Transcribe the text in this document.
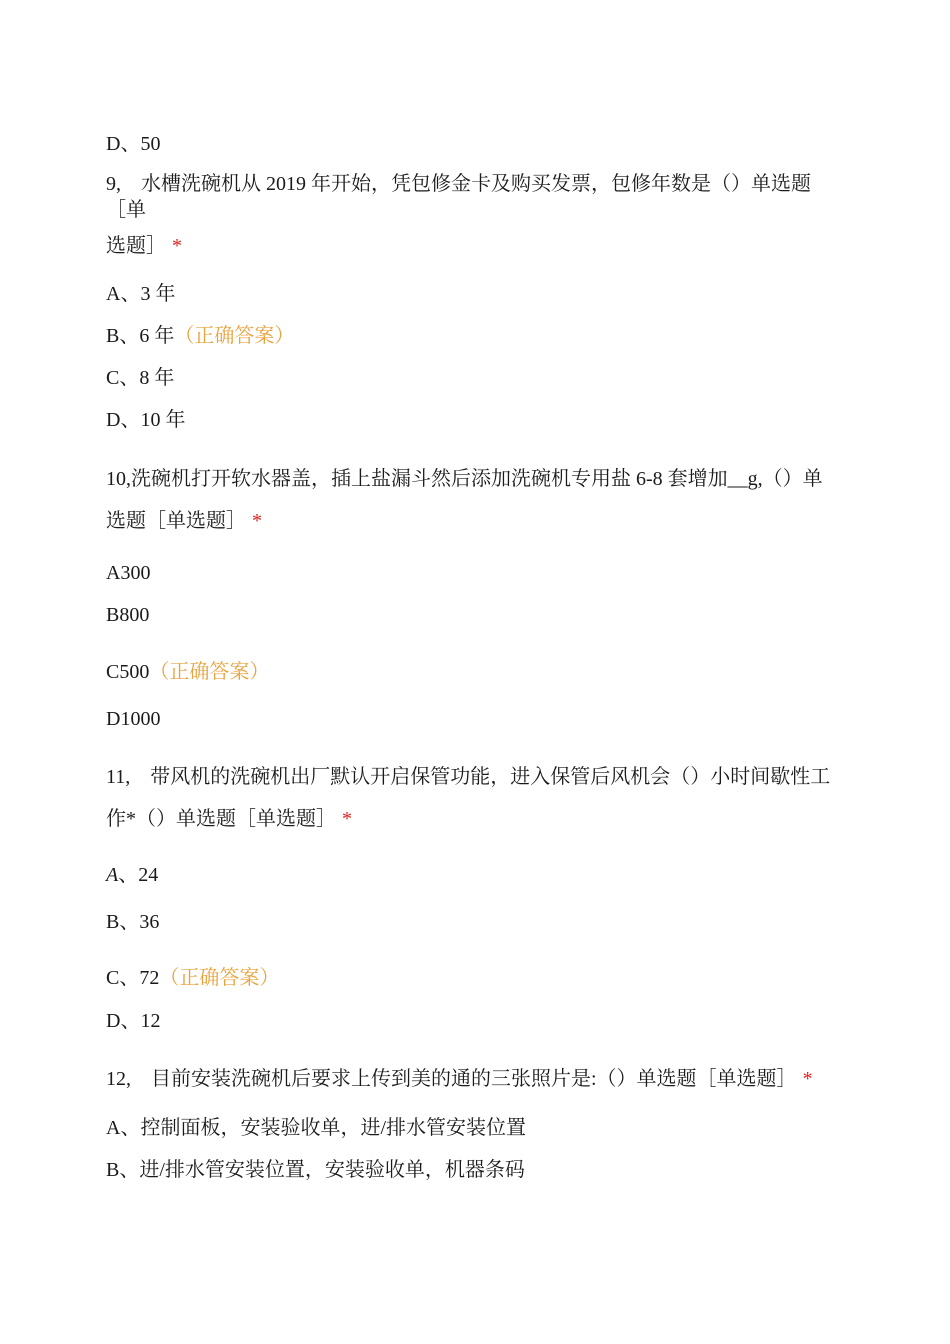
D、50
9,　水槽洗碗机从 2019 年开始，凭包修金卡及购买发票，包修年数是（）单选题［单
选题］ *
A、3 年
B、6 年（正确答案）
C、8 年
D、10 年
10,洗碗机打开软水器盖，插上盐漏斗然后添加洗碗机专用盐 6-8 套增加__g,（）单
选题［单选题］ *
A300
B800
C500（正确答案）
D1000
11,　带风机的洗碗机出厂默认开启保管功能，进入保管后风机会（）小时间歇性工
作*（）单选题［单选题］ *
A、24
B、36
C、72（正确答案）
D、12
12,　目前安装洗碗机后要求上传到美的通的三张照片是:（）单选题［单选题］ *
A、控制面板，安装验收单，进/排水管安装位置
B、进/排水管安装位置，安装验收单，机器条码
